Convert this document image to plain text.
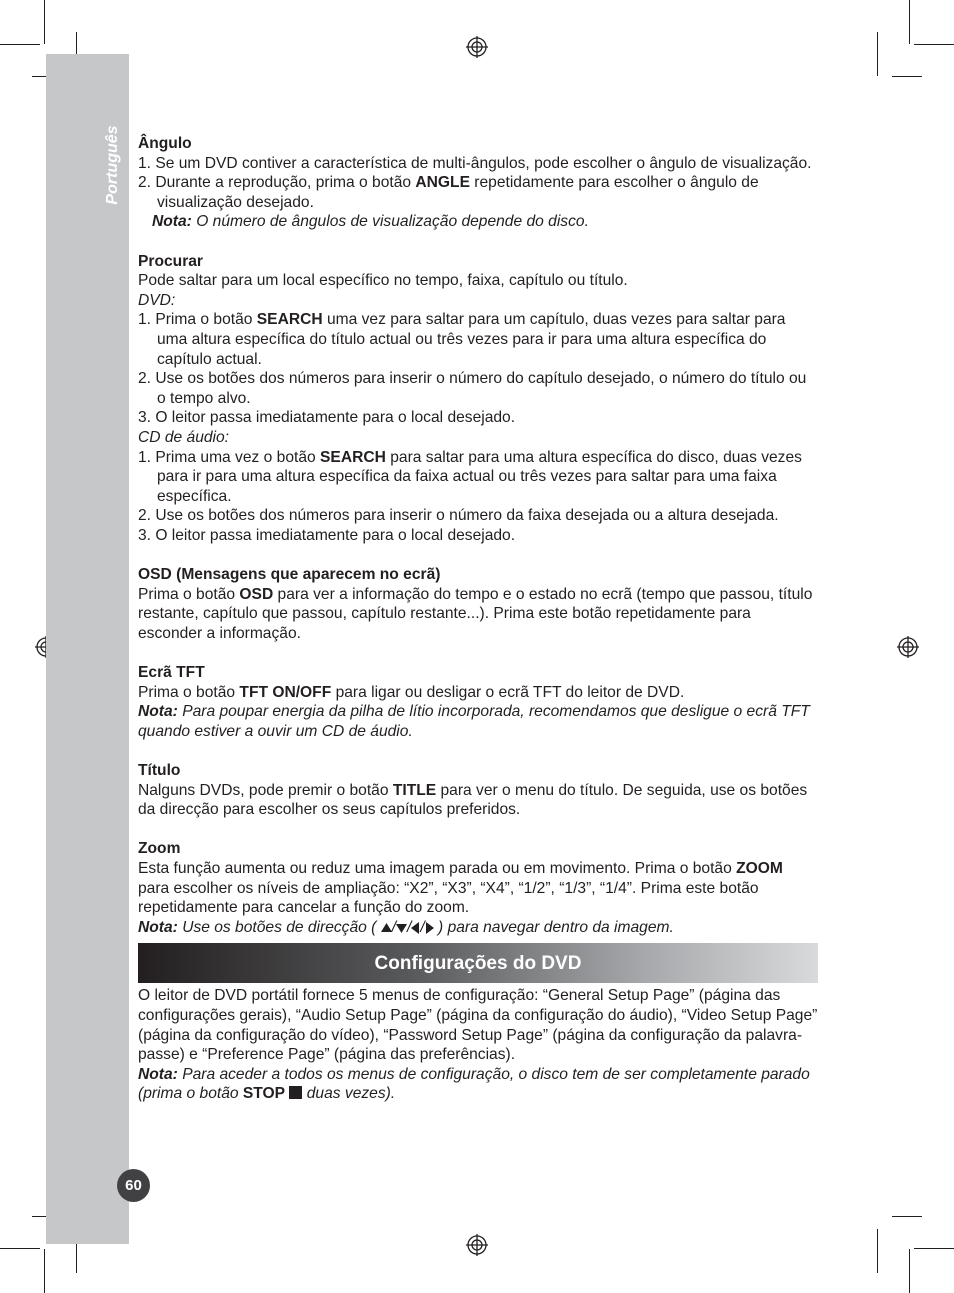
Português
60
Ângulo
1. Se um DVD contiver a característica de multi-ângulos, pode escolher o ângulo de visualização.
2. Durante a reprodução, prima o botão ANGLE repetidamente para escolher o ângulo de visualização desejado.

Nota: O número de ângulos de visualização depende do disco.

Procurar

Pode saltar para um local específico no tempo, faixa, capítulo ou título.

DVD:

1. Prima o botão SEARCH uma vez para saltar para um capítulo, duas vezes para saltar para uma altura específica do título actual ou três vezes para ir para uma altura específica do capítulo actual.
2. Use os botões dos números para inserir o número do capítulo desejado, o número do título ou o tempo alvo.
3. O leitor passa imediatamente para o local desejado.

CD de áudio:

1. Prima uma vez o botão SEARCH para saltar para uma altura específica do disco, duas vezes para ir para uma altura específica da faixa actual ou três vezes para saltar para uma faixa específica.
2. Use os botões dos números para inserir o número da faixa desejada ou a altura desejada.
3. O leitor passa imediatamente para o local desejado.
OSD (Mensagens que aparecem no ecrã)

Prima o botão OSD para ver a informação do tempo e o estado no ecrã (tempo que passou, título restante, capítulo que passou, capítulo restante...). Prima este botão repetidamente para esconder a informação.

Ecrã TFT

Prima o botão TFT ON/OFF para ligar ou desligar o ecrã TFT do leitor de DVD.

Nota: Para poupar energia da pilha de lítio incorporada, recomendamos que desligue o ecrã TFT quando estiver a ouvir um CD de áudio.

Título

Nalguns DVDs, pode premir o botão TITLE para ver o menu do título. De seguida, use os botões da direcção para escolher os seus capítulos preferidos.

Zoom

Esta função aumenta ou reduz uma imagem parada ou em movimento. Prima o botão ZOOM para escolher os níveis de ampliação: “X2”, “X3”, “X4”, “1/2”, “1/3”, “1/4”. Prima este botão repetidamente para cancelar a função do zoom.

Nota: Use os botões de direcção ( / / / ) para navegar dentro da imagem.

Configurações do DVD

O leitor de DVD portátil fornece 5 menus de configuração: “General Setup Page” (página das configurações gerais), “Audio Setup Page” (página da configuração do áudio), “Video Setup Page” (página da configuração do vídeo), “Password Setup Page” (página da configuração da palavra-passe) e “Preference Page” (página das preferências).

Nota: Para aceder a todos os menus de configuração, o disco tem de ser completamente parado (prima o botão STOP  duas vezes).
